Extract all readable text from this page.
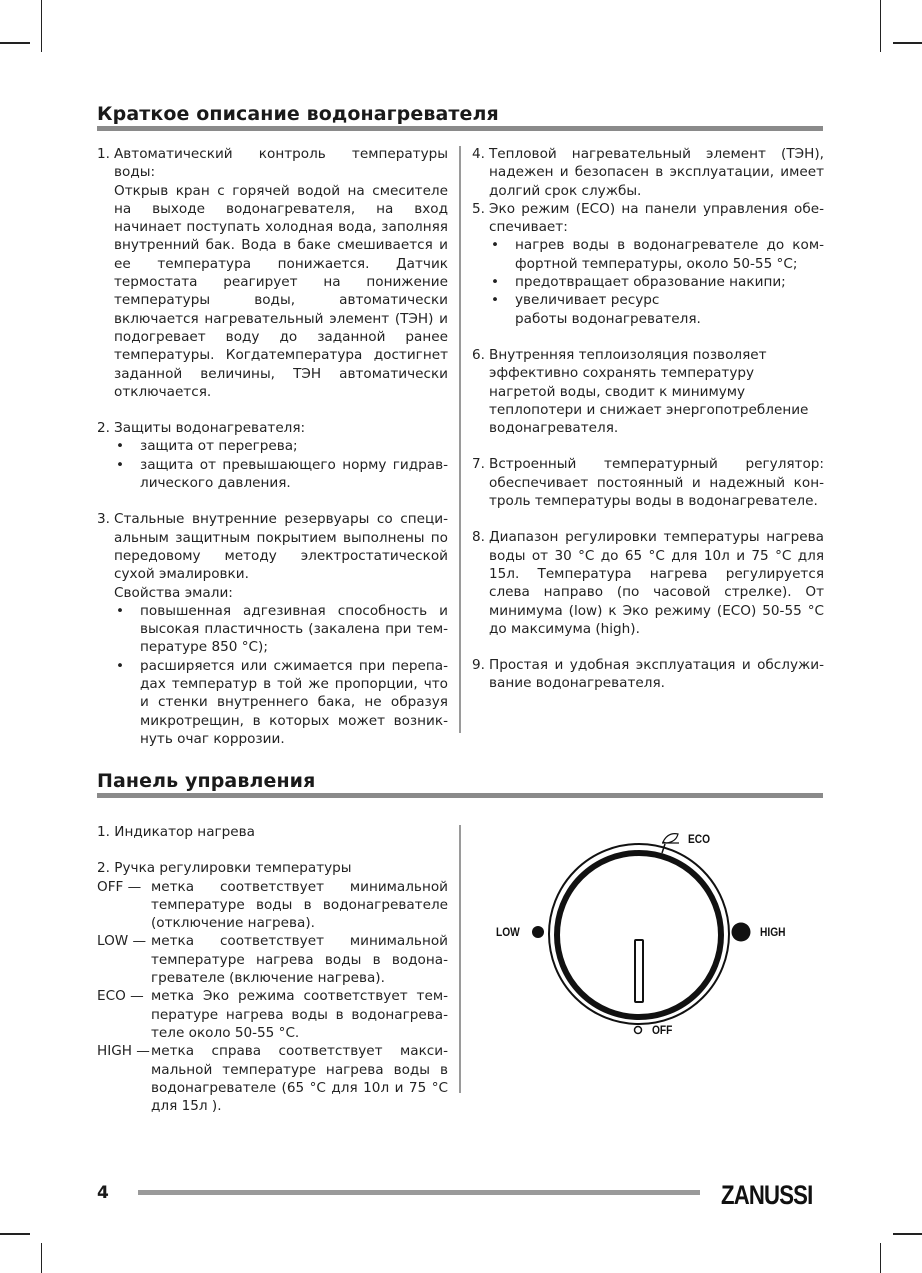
Краткое описание водонагревателя
1. Автоматический контроль температуры воды:

Открыв кран с горячей водой на смесителе на выходе водонагревателя, на вход начинает поступать холодная вода, заполняя внутренний бак. Вода в баке смешивается и ее температура понижается. Датчик термостата реагирует на понижение температуры воды, автоматически включается нагревательный элемент (ТЭН) и подогревает воду до заданной ранее температуры. Когдатемпература достигнет заданной величины, ТЭН автоматически отключается.

2. Защиты водонагревателя:

•	защита от перегрева;
•	защита от превышающего норму гидравлического давления.
3. Стальные внутренние резервуары со специальным защитным покрытием выполнены по передовому методу электростатической сухой эмалировки.

Свойства эмали:

•	повышенная адгезивная способность и высокая пластичность (закалена при температуре 850 °C);
•	расширяется или сжимается при перепадах температур в той же пропорции, что и стенки внутреннего бака, не образуя микротрещин, в которых может возникнуть очаг коррозии.
4. Тепловой нагревательный элемент (ТЭН), надежен и безопасен в эксплуатации, имеет долгий срок службы.

5. Эко режим (ECO) на панели управления обеспечивает:

•	нагрев воды в водонагревателе до комфортной температуры, около 50-55 °C;
•	предотвращает образование накипи;
•	увеличивает ресурс работы водонагревателя.
6. Внутренняя теплоизоляция позволяет эффективно сохранять температуру нагретой воды, сводит к минимуму теплопотери и снижает энергопотребление водонагревателя.

7. Встроенный температурный регулятор: обеспечивает постоянный и надежный контроль температуры воды в водонагревателе.

8. Диапазон регулировки температуры нагрева воды от 30 °C до 65 °C для 10л и 75 °C для 15л. Температура нагрева регулируется слева направо (по часовой стрелке). От минимума (low) к Эко режиму (ECO) 50-55 °C до максимума (high).

9. Простая и удобная эксплуатация и обслуживание водонагревателя.

Панель управления

1. Индикатор нагрева

2. Ручка регулировки температуры

OFF — метка соответствует минимальной температуре воды в водонагревателе (отключение нагрева).
LOW — метка соответствует минимальной температуре нагрева воды в водонагревателе (включение нагрева).
ECO — метка Эко режима соответствует температуре нагрева воды в водонагревателе около 50-55 °C.
HIGH — метка справа соответствует максимальной температуре нагрева воды в водонагревателе (65 °C для 10л и 75 °C для 15л ).
ECO
LOW	HIGH
OFF
4	ZANUSSI
